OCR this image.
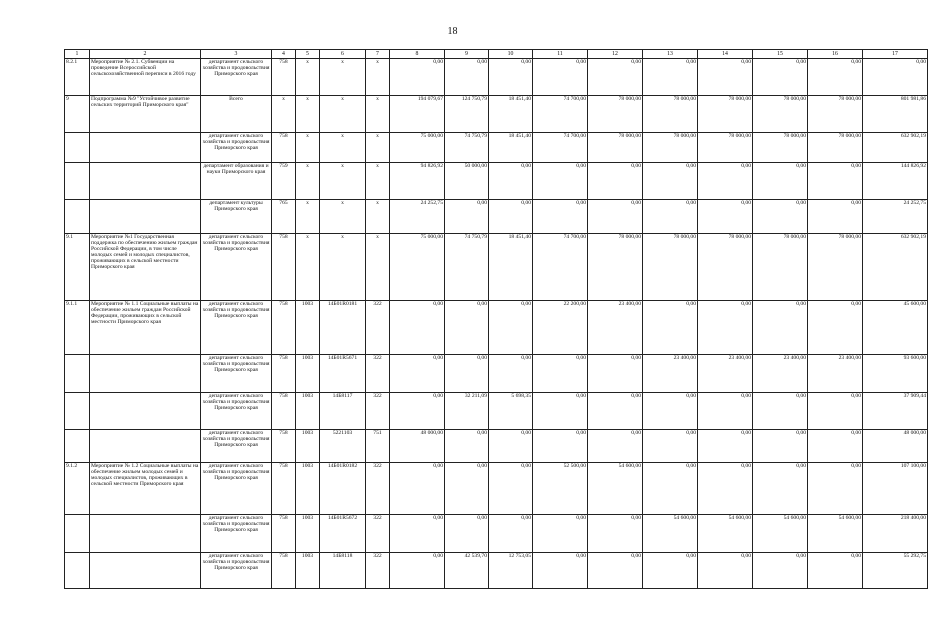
18
1	2	3	4	5	6	7	8	9	10	11	12	13	14	15	16	17
8.2.1	Мероприятие № 2.1. Субвенции на проведение Всероссийской сельскохозяйственной переписи в 2016 году	департамент сельского хозяйства и продовольствия Приморского края	758	х	х	х	0,00	0,00	0,00	0,00	0,00	0,00	0,00	0,00	0,00	0,00
9	Подпрограмма №9 "Устойчивое развитие сельских территорий Приморского края"	Всего	х	х	х	х	194 079,67	124 750,79	18 451,40	74 700,00	78 000,00	78 000,00	78 000,00	78 000,00	78 000,00	801 981,86
		департамент сельского хозяйства и продовольствия Приморского края	758	х	х	х	75 000,00	74 750,79	18 451,40	74 700,00	78 000,00	78 000,00	78 000,00	78 000,00	78 000,00	632 902,19
		департамент образования и науки Приморского края	759	х	х	х	94 826,92	50 000,00	0,00	0,00	0,00	0,00	0,00	0,00	0,00	144 826,92
		департамент культуры Приморского края	765	х	х	х	24 252,75	0,00	0,00	0,00	0,00	0,00	0,00	0,00	0,00	24 252,75
9.1	Мероприятие №1 Государственная поддержка по обеспечению жильем граждан Российской Федерации, в том числе молодых семей и молодых специалистов, проживающих в сельской местности Приморского края	департамент сельского хозяйства и продовольствия Приморского края	758	х	х	х	75 000,00	74 750,79	18 451,40	74 700,00	78 000,00	78 000,00	78 000,00	78 000,00	78 000,00	632 902,19
9.1.1	Мероприятие № 1.1 Социальные выплаты на обеспечение жильем граждан Российской Федерации, проживающих в сельской местности Приморского края	департамент сельского хозяйства и продовольствия Приморского края	758	1003	14Б01R0181	322	0,00	0,00	0,00	22 200,00	23 400,00	0,00	0,00	0,00	0,00	45 600,00
		департамент сельского хозяйства и продовольствия Приморского края	758	1003	14Б01R5671	322	0,00	0,00	0,00	0,00	0,00	23 400,00	23 400,00	23 400,00	23 400,00	93 600,00
		департамент сельского хозяйства и продовольствия Приморского края	758	1003	14Б8117	322	0,00	32 211,09	5 698,35	0,00	0,00	0,00	0,00	0,00	0,00	37 909,44
		департамент сельского хозяйства и продовольствия Приморского края	758	1003	5221103	751	48 000,00	0,00	0,00	0,00	0,00	0,00	0,00	0,00	0,00	48 000,00
9.1.2	Мероприятие № 1.2 Социальные выплаты на обеспечение жильем молодых семей и молодых специалистов, проживающих в сельской местности Приморского края	департамент сельского хозяйства и продовольствия Приморского края	758	1003	14Б01R0182	322	0,00	0,00	0,00	52 500,00	54 600,00	0,00	0,00	0,00	0,00	107 100,00
		департамент сельского хозяйства и продовольствия Приморского края	758	1003	14Б01R5672	322	0,00	0,00	0,00	0,00	0,00	54 600,00	54 600,00	54 600,00	54 600,00	218 400,00
		департамент сельского хозяйства и продовольствия Приморского края	758	1003	14Б8118	322	0,00	42 539,70	12 753,05	0,00	0,00	0,00	0,00	0,00	0,00	55 292,75
